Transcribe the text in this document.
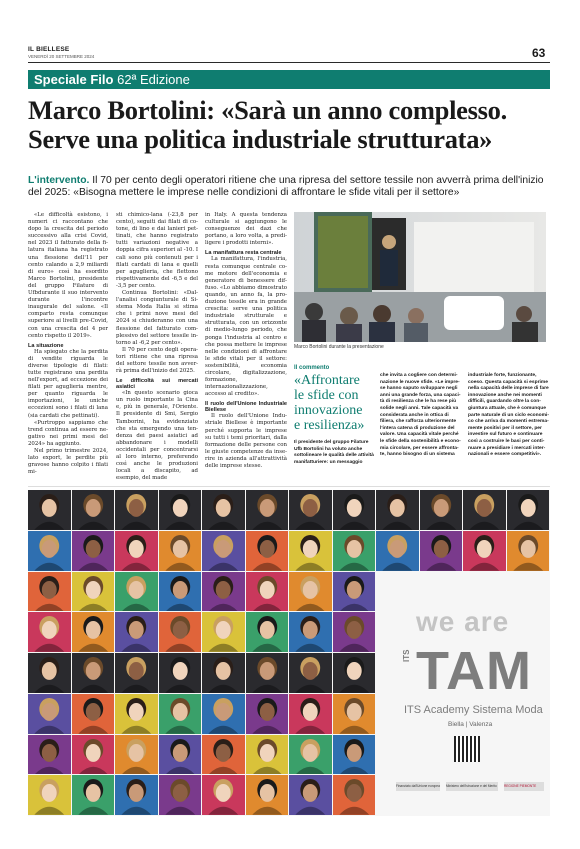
IL BIELLESE
VENERDÌ 20 SETTEMBRE 2024	63
Speciale Filo 62ª Edizione
Marco Bortolini: «Sarà un anno complesso.
Serve una politica industriale strutturata»
L'intervento. Il 70 per cento degli operatori ritiene che una ripresa del settore tessile non avverrà prima dell'inizio del 2025: «Bisogna mettere le imprese nelle condizioni di affrontare le sfide vitali per il settore»

«Le difficoltà esistono, i numeri ci raccontano che dopo la crescita del periodo successivo alla crisi Covid, nel 2023 il fatturato della filatura italiana ha registrato una flessione dell'11 per cento calando a 2,9 miliardi di euro» così ha esordito Marco Bortolini, presidente del gruppo Filature di Ufbdurante il suo intervento durante l'incontre inaugurale del salone. «Il comparto resta comunque superiore ai livelli pre-Covid, con una crescita del 4 per cento rispetto il 2019».

La situazione

Ha spiegato che la perdita di vendite riguarda le diverse tipologie di filati: tutte registrano una perdita nell'export, ad eccezione dei filati per aguglieria mentre, per quanto riguarda le importazioni, le uniche eccezioni sono i filati di lana (sia cardati che pettinati).

«Purtroppo sappiamo che trend continua ad essere negativo nei primi mesi del 2024» ha aggiunto.

Nel primo trimestre 2024, lato export, le perdite più gravose hanno colpito i filati mi-

sti chimico-lana (-23,8 per cento), seguiti dai filati di cotone, di lino e dai lanieri pettinati, che hanno registrato tutti variazioni negative a doppia cifra superiori al -10. I cali sono più contenuti per i filati cardati di lana e quelli per aguglieria, che flettono rispettivamente del -6,5 e del -3,5 per cento.

Continua Bortolini: «Dall'analisi congiunturale di Sistema Moda Italia si stima che i primi nove mesi del 2024 si chiuderanno con una flessione del fatturato complessivo del settore tessile intorno al -6,2 per cento».

Il 70 per cento degli operatori ritiene che una ripresa del settore tessile non avverrà prima dell'inizio del 2025.

Le difficoltà sui mercati asiatici

«In questo scenario gioca un ruolo importante la Cina e, più in generale, l'Oriente. Il presidente di Smi, Sergio Tamborini, ha evidenziato che sta emergendo una tendenza dei paesi asiatici ad abbandonare i modelli occidentali per concentrarsi al loro interno, preferendo così anche le produzioni locali a discapito, ad esempio, del made

in Italy. A questa tendenza culturale si aggiungono le conseguenze dei dazi che portano, a loro volta, a prediligere i prodotti interni».

La manifattura resta centrale

La manifattura, l'industria, resta comunque centrale come motore dell'economia e generatore di benessere diffuso. «Lo abbiamo dimostrato quando, un anno fa, la produzione tessile era in grande crescita: serve una politica industriale strutturale e strutturata, con un orizzonte di medio-lungo periodo, che ponga l'industria al centro e che possa mettere le imprese nelle condizioni di affrontare le sfide vitali per il settore: sostenibilità, economia circolare, digitalizzazione, formazione, internazionalizzazione, accesso al credito».

Il ruolo dell'Unione Industriale Biellese

Il ruolo dell'Unione Industriale Biellese è importante perché supporta le imprese su tutti i temi prioritari, dalla formazione delle persone con le giuste competenze da inserire in azienda all'attrattività delle imprese stesse.

Marco Bortolini durante la presentazione
Il commento
«Affrontare le sfide con innovazione e resilienza»
Il presidente del gruppo Filature Ufb Bortolini ha voluto anche sottolineare le qualità delle attività manifatturiere: un messaggio
che invita a cogliere con determinazione le nuove sfide. «Le imprese hanno saputo sviluppare negli anni una grande forza, una capacità di resilienza che le ha rese più solide negli anni. Tale capacità va considerata anche in ottica di filiera, che rafforza ulteriormente l'intera catena di produzione del valore. Una capacità vitale perché le sfide della sostenibilità e economia circolare, per essere affrontate, hanno bisogno di un sistema
industriale forte, funzionante, coeso. Questa capacità si esprime nella capacità delle imprese di fare innovazione anche nei momenti difficili, guardando oltre la congiuntura attuale, che è comunque parte naturale di un ciclo economico che arriva da momenti estremamente positivi per il settore, per investire sul futuro e continuare così a costruire le basi per continuare a presidiare i mercati internazionali e essere competitivi».
we are
ITS TAM
ITS Academy Sistema Moda
Biella | Valenza
Finanziato dall'Unione europea Ministero dell'Istruzione e del Merito	REGIONE PIEMONTE
